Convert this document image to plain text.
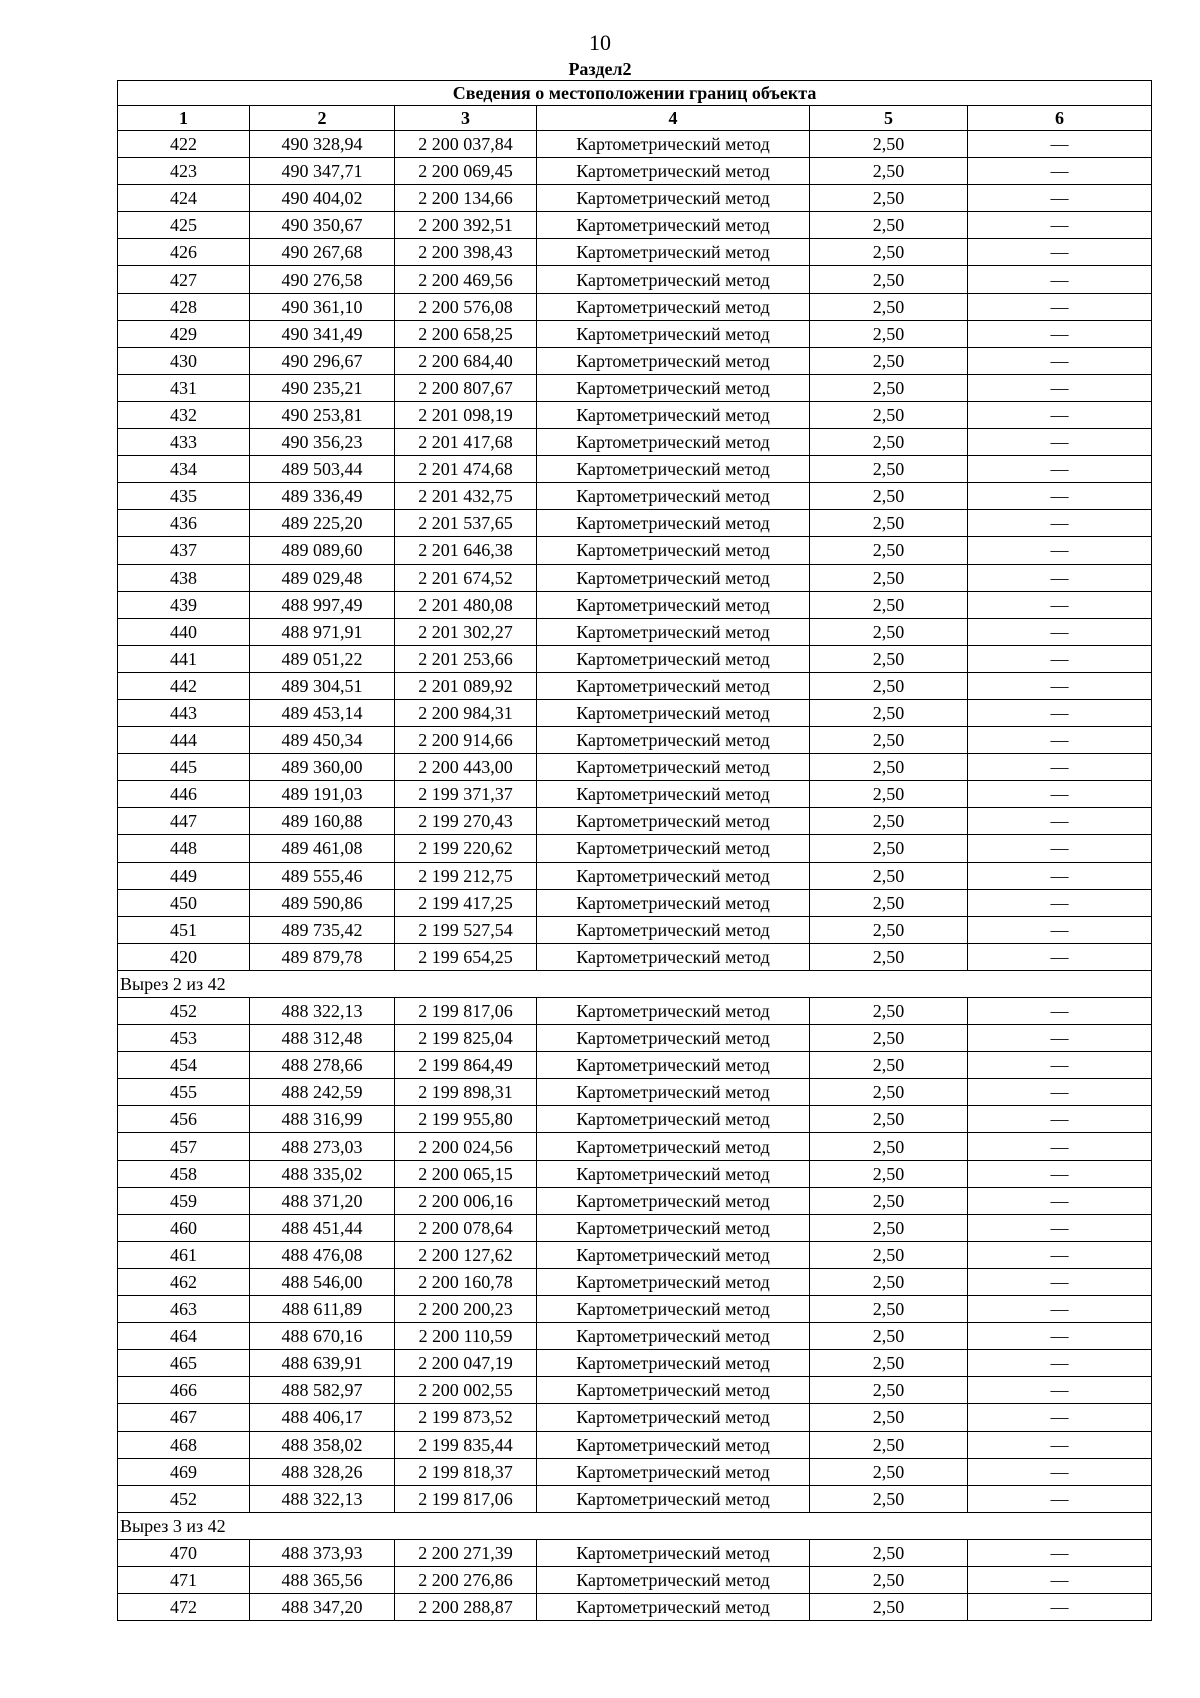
10
Раздел2
Сведения о местоположении границ объекта					
1	2	3	4	5	6
422	490 328,94	2 200 037,84	Картометрический метод	2,50	—
423	490 347,71	2 200 069,45	Картометрический метод	2,50	—
424	490 404,02	2 200 134,66	Картометрический метод	2,50	—
425	490 350,67	2 200 392,51	Картометрический метод	2,50	—
426	490 267,68	2 200 398,43	Картометрический метод	2,50	—
427	490 276,58	2 200 469,56	Картометрический метод	2,50	—
428	490 361,10	2 200 576,08	Картометрический метод	2,50	—
429	490 341,49	2 200 658,25	Картометрический метод	2,50	—
430	490 296,67	2 200 684,40	Картометрический метод	2,50	—
431	490 235,21	2 200 807,67	Картометрический метод	2,50	—
432	490 253,81	2 201 098,19	Картометрический метод	2,50	—
433	490 356,23	2 201 417,68	Картометрический метод	2,50	—
434	489 503,44	2 201 474,68	Картометрический метод	2,50	—
435	489 336,49	2 201 432,75	Картометрический метод	2,50	—
436	489 225,20	2 201 537,65	Картометрический метод	2,50	—
437	489 089,60	2 201 646,38	Картометрический метод	2,50	—
438	489 029,48	2 201 674,52	Картометрический метод	2,50	—
439	488 997,49	2 201 480,08	Картометрический метод	2,50	—
440	488 971,91	2 201 302,27	Картометрический метод	2,50	—
441	489 051,22	2 201 253,66	Картометрический метод	2,50	—
442	489 304,51	2 201 089,92	Картометрический метод	2,50	—
443	489 453,14	2 200 984,31	Картометрический метод	2,50	—
444	489 450,34	2 200 914,66	Картометрический метод	2,50	—
445	489 360,00	2 200 443,00	Картометрический метод	2,50	—
446	489 191,03	2 199 371,37	Картометрический метод	2,50	—
447	489 160,88	2 199 270,43	Картометрический метод	2,50	—
448	489 461,08	2 199 220,62	Картометрический метод	2,50	—
449	489 555,46	2 199 212,75	Картометрический метод	2,50	—
450	489 590,86	2 199 417,25	Картометрический метод	2,50	—
451	489 735,42	2 199 527,54	Картометрический метод	2,50	—
420	489 879,78	2 199 654,25	Картометрический метод	2,50	—
Вырез 2 из 42					
452	488 322,13	2 199 817,06	Картометрический метод	2,50	—
453	488 312,48	2 199 825,04	Картометрический метод	2,50	—
454	488 278,66	2 199 864,49	Картометрический метод	2,50	—
455	488 242,59	2 199 898,31	Картометрический метод	2,50	—
456	488 316,99	2 199 955,80	Картометрический метод	2,50	—
457	488 273,03	2 200 024,56	Картометрический метод	2,50	—
458	488 335,02	2 200 065,15	Картометрический метод	2,50	—
459	488 371,20	2 200 006,16	Картометрический метод	2,50	—
460	488 451,44	2 200 078,64	Картометрический метод	2,50	—
461	488 476,08	2 200 127,62	Картометрический метод	2,50	—
462	488 546,00	2 200 160,78	Картометрический метод	2,50	—
463	488 611,89	2 200 200,23	Картометрический метод	2,50	—
464	488 670,16	2 200 110,59	Картометрический метод	2,50	—
465	488 639,91	2 200 047,19	Картометрический метод	2,50	—
466	488 582,97	2 200 002,55	Картометрический метод	2,50	—
467	488 406,17	2 199 873,52	Картометрический метод	2,50	—
468	488 358,02	2 199 835,44	Картометрический метод	2,50	—
469	488 328,26	2 199 818,37	Картометрический метод	2,50	—
452	488 322,13	2 199 817,06	Картометрический метод	2,50	—
Вырез 3 из 42					
470	488 373,93	2 200 271,39	Картометрический метод	2,50	—
471	488 365,56	2 200 276,86	Картометрический метод	2,50	—
472	488 347,20	2 200 288,87	Картометрический метод	2,50	—
